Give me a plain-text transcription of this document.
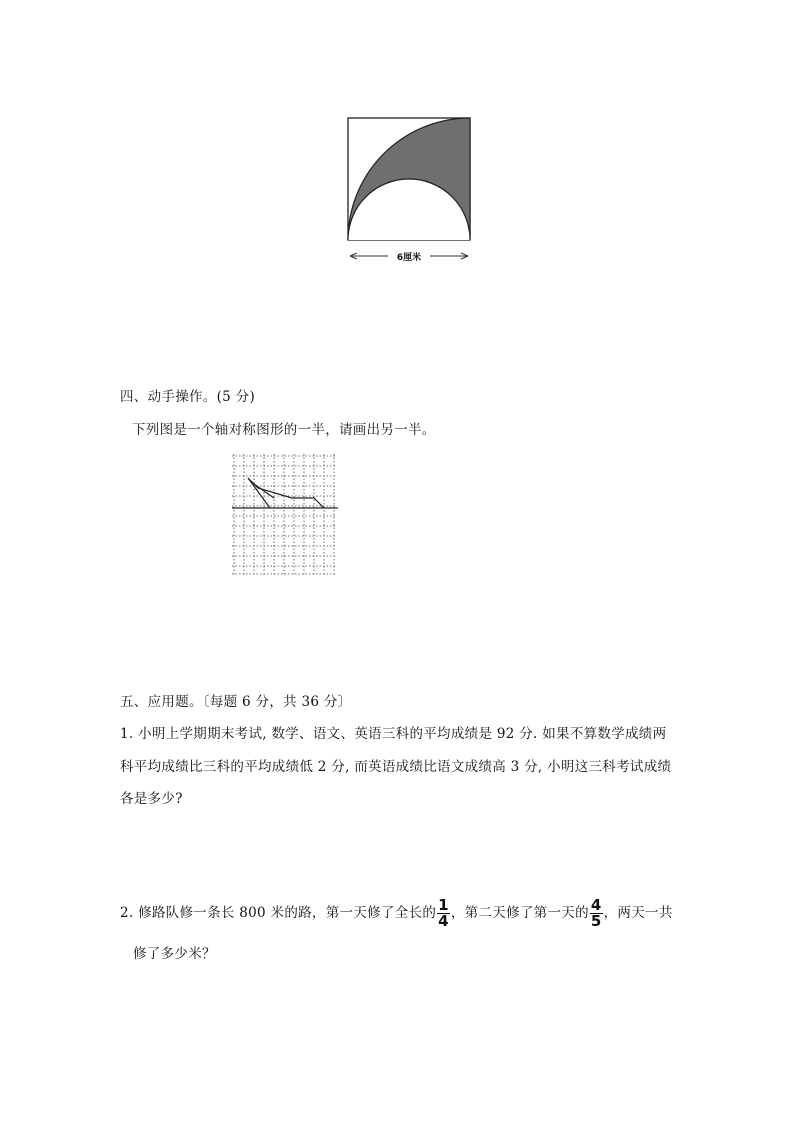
6厘米
四、动手操作。(5 分)
下列图是一个轴对称图形的一半，请画出另一半。
五、应用题。〔每题 6 分，共 36 分〕
1. 小明上学期期末考试, 数学、语文、英语三科的平均成绩是 92 分. 如果不算数学成绩两
科平均成绩比三科的平均成绩低 2 分, 而英语成绩比语文成绩高 3 分, 小明这三科考试成绩
各是多少?
2. 修路队修一条长 800 米的路，第一天修了全长的 $\frac{1}{4}$ ，第二天修了第一天的 $\frac{4}{5}$ ，两天一共
修了多少米？
